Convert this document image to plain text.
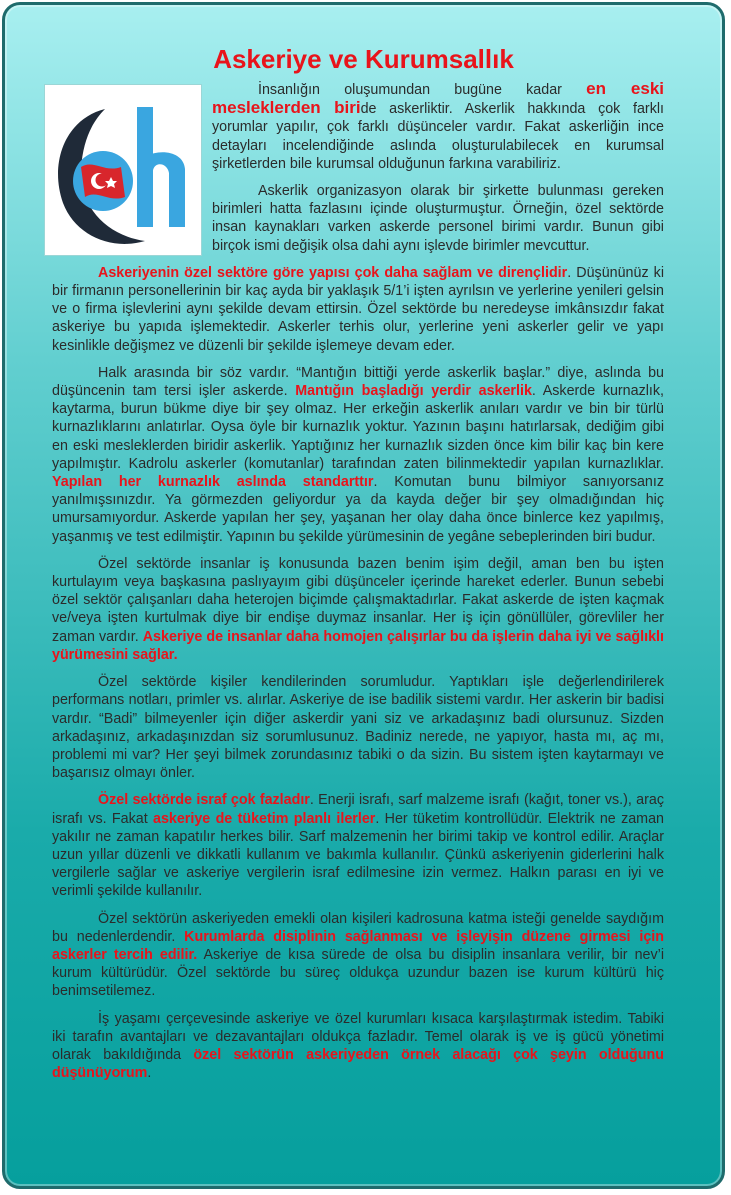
Askeriye ve Kurumsallık

İnsanlığın oluşumundan bugüne kadar en eski mesleklerden biride askerliktir. Askerlik hakkında çok farklı yorumlar yapılır, çok farklı düşünceler vardır. Fakat askerliğin ince detayları incelendiğinde aslında oluşturulabilecek en kurumsal şirketlerden bile kurumsal olduğunun farkına varabiliriz.

Askerlik organizasyon olarak bir şirkette bulunması gereken birimleri hatta fazlasını içinde oluşturmuştur. Örneğin, özel sektörde insan kaynakları varken askerde personel birimi vardır. Bunun gibi birçok ismi değişik olsa dahi aynı işlevde birimler mevcuttur.

Askeriyenin özel sektöre göre yapısı çok daha sağlam ve dirençlidir. Düşününüz ki bir firmanın personellerinin bir kaç ayda bir yaklaşık 5/1’i işten ayrılsın ve yerlerine yenileri gelsin ve o firma işlevlerini aynı şekilde devam ettirsin. Özel sektörde bu neredeyse imkânsızdır fakat askeriye bu yapıda işlemektedir. Askerler terhis olur, yerlerine yeni askerler gelir ve yapı kesinlikle değişmez ve düzenli bir şekilde işlemeye devam eder.

Halk arasında bir söz vardır. “Mantığın bittiği yerde askerlik başlar.” diye, aslında bu düşüncenin tam tersi işler askerde. Mantığın başladığı yerdir askerlik. Askerde kurnazlık, kaytarma, burun bükme diye bir şey olmaz. Her erkeğin askerlik anıları vardır ve bin bir türlü kurnazlıklarını anlatırlar. Oysa öyle bir kurnazlık yoktur. Yazının başını hatırlarsak, dediğim gibi en eski mesleklerden biridir askerlik. Yaptığınız her kurnazlık sizden önce kim bilir kaç bin kere yapılmıştır. Kadrolu askerler (komutanlar) tarafından zaten bilinmektedir yapılan kurnazlıklar. Yapılan her kurnazlık aslında standarttır. Komutan bunu bilmiyor sanıyorsanız yanılmışsınızdır. Ya görmezden geliyordur ya da kayda değer bir şey olmadığından hiç umursamıyordur. Askerde yapılan her şey, yaşanan her olay daha önce binlerce kez yapılmış, yaşanmış ve test edilmiştir. Yapının bu şekilde yürümesinin de yegâne sebeplerinden biri budur.

Özel sektörde insanlar iş konusunda bazen benim işim değil, aman ben bu işten kurtulayım veya başkasına paslıyayım gibi düşünceler içerinde hareket ederler. Bunun sebebi özel sektör çalışanları daha heterojen biçimde çalışmaktadırlar. Fakat askerde de işten kaçmak ve/veya işten kurtulmak diye bir endişe duymaz insanlar. Her iş için gönüllüler, görevliler her zaman vardır. Askeriye de insanlar daha homojen çalışırlar bu da işlerin daha iyi ve sağlıklı yürümesini sağlar.

Özel sektörde kişiler kendilerinden sorumludur. Yaptıkları işle değerlendirilerek performans notları, primler vs. alırlar. Askeriye de ise badilik sistemi vardır. Her askerin bir badisi vardır. “Badi” bilmeyenler için diğer askerdir yani siz ve arkadaşınız badi olursunuz. Sizden arkadaşınız, arkadaşınızdan siz sorumlusunuz. Badiniz nerede, ne yapıyor, hasta mı, aç mı, problemi mi var? Her şeyi bilmek zorundasınız tabiki o da sizin. Bu sistem işten kaytarmayı ve başarısız olmayı önler.

Özel sektörde israf çok fazladır. Enerji israfı, sarf malzeme israfı (kağıt, toner vs.), araç israfı vs. Fakat askeriye de tüketim planlı ilerler. Her tüketim kontrollüdür. Elektrik ne zaman yakılır ne zaman kapatılır herkes bilir. Sarf malzemenin her birimi takip ve kontrol edilir. Araçlar uzun yıllar düzenli ve dikkatli kullanım ve bakımla kullanılır. Çünkü askeriyenin giderlerini halk vergilerle sağlar ve askeriye vergilerin israf edilmesine izin vermez. Halkın parası en iyi ve verimli şekilde kullanılır.

Özel sektörün askeriyeden emekli olan kişileri kadrosuna katma isteği genelde saydığım bu nedenlerdendir. Kurumlarda disiplinin sağlanması ve işleyişin düzene girmesi için askerler tercih edilir. Askeriye de kısa sürede de olsa bu disiplin insanlara verilir, bir nev’i kurum kültürüdür. Özel sektörde bu süreç oldukça uzundur bazen ise kurum kültürü hiç benimsetilemez.

İş yaşamı çerçevesinde askeriye ve özel kurumları kısaca karşılaştırmak istedim. Tabiki iki tarafın avantajları ve dezavantajları oldukça fazladır. Temel olarak iş ve iş gücü yönetimi olarak bakıldığında özel sektörün askeriyeden örnek alacağı çok şeyin olduğunu düşünüyorum.
